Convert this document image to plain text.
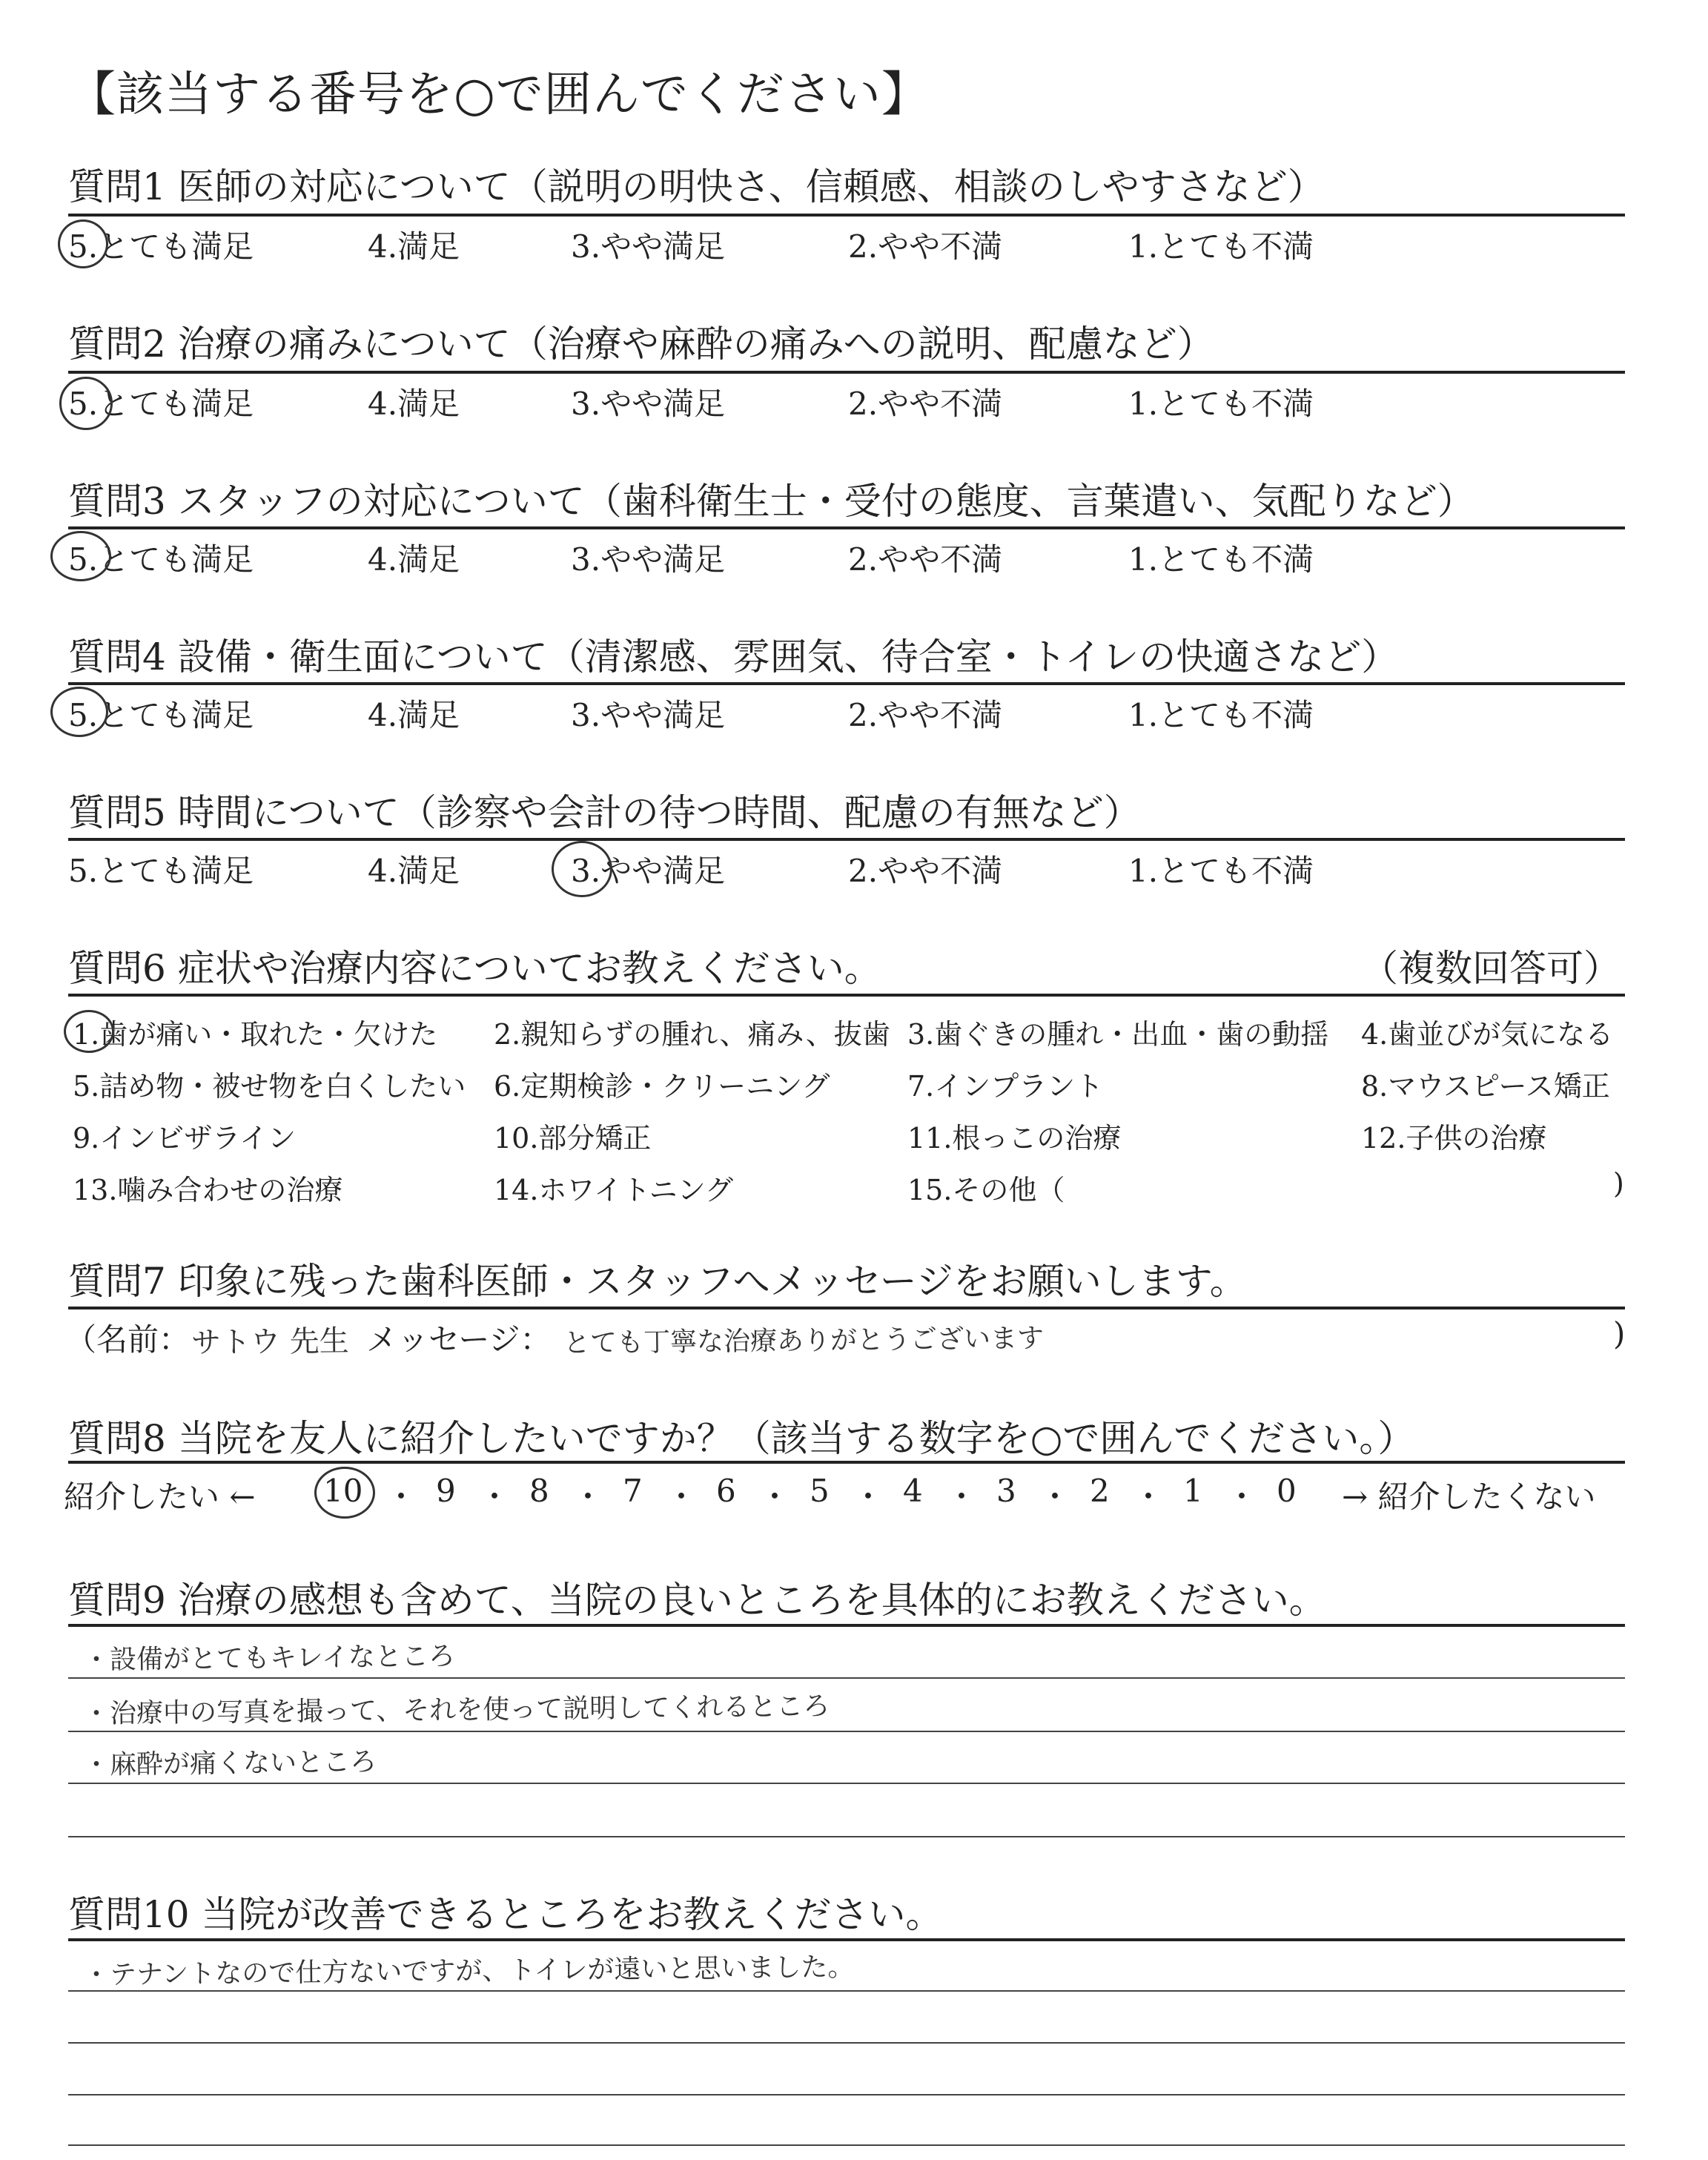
【該当する番号を○で囲んでください】
質問1 医師の対応について（説明の明快さ、信頼感、相談のしやすさなど）
5.とても満足	4.満足	3.やや満足	2.やや不満	1.とても不満
質問2 治療の痛みについて（治療や麻酔の痛みへの説明、配慮など）
5.とても満足	4.満足	3.やや満足	2.やや不満	1.とても不満
質問3 スタッフの対応について（歯科衛生士・受付の態度、言葉遣い、気配りなど）
5.とても満足	4.満足	3.やや満足	2.やや不満	1.とても不満
質問4 設備・衛生面について（清潔感、雰囲気、待合室・トイレの快適さなど）
5.とても満足	4.満足	3.やや満足	2.やや不満	1.とても不満
質問5 時間について（診察や会計の待つ時間、配慮の有無など）
5.とても満足	4.満足	3.やや満足	2.やや不満	1.とても不満
質問6 症状や治療内容についてお教えください。	（複数回答可）
1.歯が痛い・取れた・欠けた 2.親知らずの腫れ、痛み、抜歯 3.歯ぐきの腫れ・出血・歯の動揺 4.歯並びが気になる
5.詰め物・被せ物を白くしたい 6.定期検診・クリーニング	7.インプラント	8.マウスピース矯正
9.インビザライン	10.部分矯正	11.根っこの治療	12.子供の治療
13.噛み合わせの治療	14.ホワイトニング	15.その他（	)
質問7 印象に残った歯科医師・スタッフへメッセージをお願いします。
（名前： サトウ 先生 メッセージ： とても丁寧な治療ありがとうございます	)
質問8 当院を友人に紹介したいですか？（該当する数字を○で囲んでください。）
紹介したい ← 10 ・ 9 ・ 8 ・ 7 ・ 6 ・ 5 ・ 4 ・ 3 ・ 2 ・ 1 ・ 0 → 紹介したくない
質問9 治療の感想も含めて、当院の良いところを具体的にお教えください。
・設備がとてもキレイなところ
・治療中の写真を撮って、それを使って説明してくれるところ
・麻酔が痛くないところ
質問10 当院が改善できるところをお教えください。
・テナントなので仕方ないですが、トイレが遠いと思いました。
